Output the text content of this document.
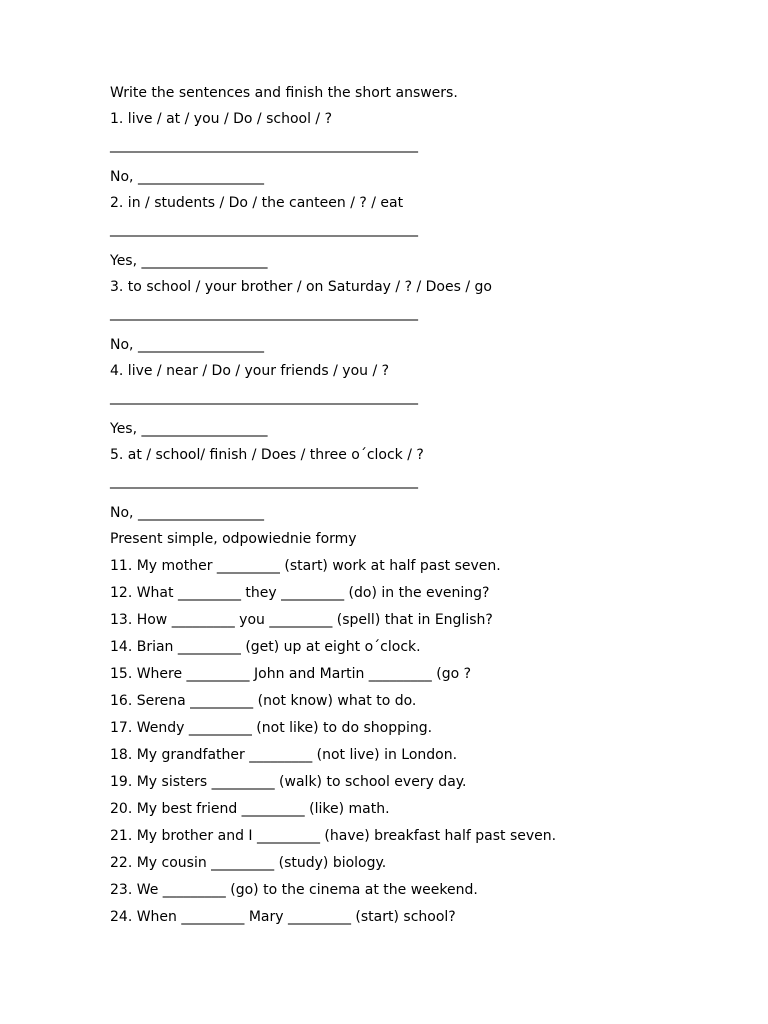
Write the sentences and finish the short answers.

1. live / at / you / Do / school / ?

____________________________________________

No, __________________

2. in / students / Do / the canteen / ? / eat

____________________________________________

Yes, __________________

3. to school / your brother / on Saturday / ? / Does / go

____________________________________________

No, __________________

4. live / near / Do / your friends / you / ?

____________________________________________

Yes, __________________

5. at / school/ finish / Does / three o´clock / ?

____________________________________________

No, __________________

Present simple, odpowiednie formy

11. My mother _________ (start) work at half past seven.

12. What _________ they _________ (do) in the evening?

13. How _________ you _________ (spell) that in English?

14. Brian _________ (get) up at eight o´clock.

15. Where _________ John and Martin _________ (go ?

16. Serena _________ (not know) what to do.

17. Wendy _________ (not like) to do shopping.

18. My grandfather _________ (not live) in London.

19. My sisters _________ (walk) to school every day.

20. My best friend _________ (like) math.

21. My brother and I _________ (have) breakfast half past seven.

22. My cousin _________ (study) biology.

23. We _________ (go) to the cinema at the weekend.

24. When _________ Mary _________ (start) school?
